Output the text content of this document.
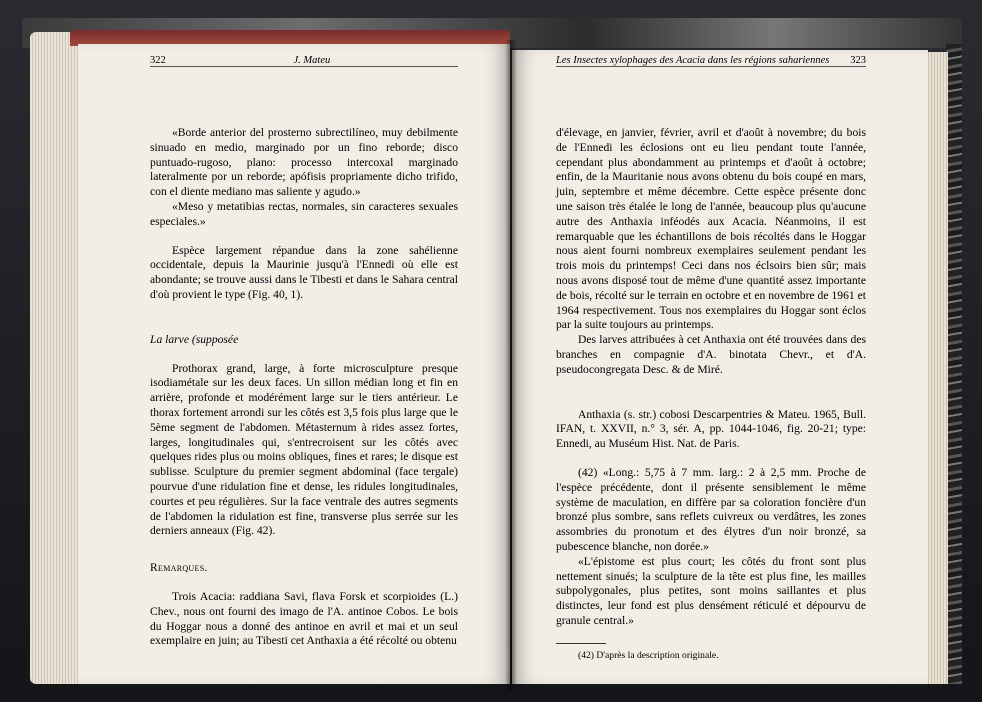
322	J. Mateu	Les Insectes xylophages des Acacia dans les régions sahariennes 323

«Borde anterior del prosterno subrectilíneo, muy debilmente sinuado en medio, marginado por un fino reborde; disco puntuado-rugoso, plano: processo intercoxal marginado lateralmente por un reborde; apófisis propriamente dicho trifido, con el diente mediano mas saliente y agudo.»

«Meso y metatibias rectas, normales, sin caracteres sexuales especiales.»

Espèce largement répandue dans la zone sahélienne occidentale, depuis la Maurinie jusqu'à l'Ennedi où elle est abondante; se trouve aussi dans le Tibesti et dans le Sahara central d'où provient le type (Fig. 40, 1).

La larve (supposée

Prothorax grand, large, à forte microsculpture presque isodiamétale sur les deux faces. Un sillon médian long et fin en arrière, profonde et modérément large sur le tiers antérieur. Le thorax fortement arrondi sur les côtés est 3,5 fois plus large que le 5ème segment de l'abdomen. Métasternum à rides assez fortes, larges, longitudinales qui, s'entrecroisent sur les côtés avec quelques rides plus ou moins obliques, fines et rares; le disque est sublisse. Sculpture du premier segment abdominal (face tergale) pourvue d'une ridulation fine et dense, les ridules longitudinales, courtes et peu régulières. Sur la face ventrale des autres segments de l'abdomen la ridulation est fine, transverse plus serrée sur les derniers anneaux (Fig. 42).

Remarques.

Trois Acacia: raddiana Savi, flava Forsk et scorpioides (L.) Chev., nous ont fourni des imago de l'A. antinoe Cobos. Le bois du Hoggar nous a donné des antinoe en avril et mai et un seul exemplaire en juin; au Tibesti cet Anthaxia a été récolté ou obtenu

d'élevage, en janvier, février, avril et d'août à novembre; du bois de l'Ennedi les éclosions ont eu lieu pendant toute l'année, cependant plus abondamment au printemps et d'août à octobre; enfin, de la Mauritanie nous avons obtenu du bois coupé en mars, juin, septembre et même décembre. Cette espèce présente donc une saison très étalée le long de l'année, beaucoup plus qu'aucune autre des Anthaxia inféodés aux Acacia. Néanmoins, il est remarquable que les échantillons de bois récoltés dans le Hoggar nous aient fourni nombreux exemplaires seulement pendant les trois mois du printemps! Ceci dans nos éclsoirs bien sûr; mais nous avons disposé tout de même d'une quantité assez importante de bois, récolté sur le terrain en octobre et en novembre de 1961 et 1964 respectivement. Tous nos exemplaires du Hoggar sont éclos par la suite toujours au printemps.

Des larves attribuées à cet Anthaxia ont été trouvées dans des branches en compagnie d'A. binotata Chevr., et d'A. pseudocongregata Desc. & de Miré.

Anthaxia (s. str.) cobosi Descarpentries & Mateu. 1965, Bull. IFAN, t. XXVII, n.° 3, sér. A, pp. 1044-1046, fig. 20-21; type: Ennedi, au Muséum Hist. Nat. de Paris.

(42) «Long.: 5,75 à 7 mm. larg.: 2 à 2,5 mm. Proche de l'espèce précédente, dont il présente sensiblement le même système de maculation, en diffère par sa coloration foncière d'un bronzé plus sombre, sans reflets cuivreux ou verdâtres, les zones assombries du pronotum et des élytres d'un noir bronzé, sa pubescence blanche, non dorée.»

«L'épistome est plus court; les côtés du front sont plus nettement sinués; la sculpture de la tête est plus fine, les mailles subpolygonales, plus petites, sont moins saillantes et plus distinctes, leur fond est plus densément réticulé et dépourvu de granule central.»

(42) D'après la description originale.
